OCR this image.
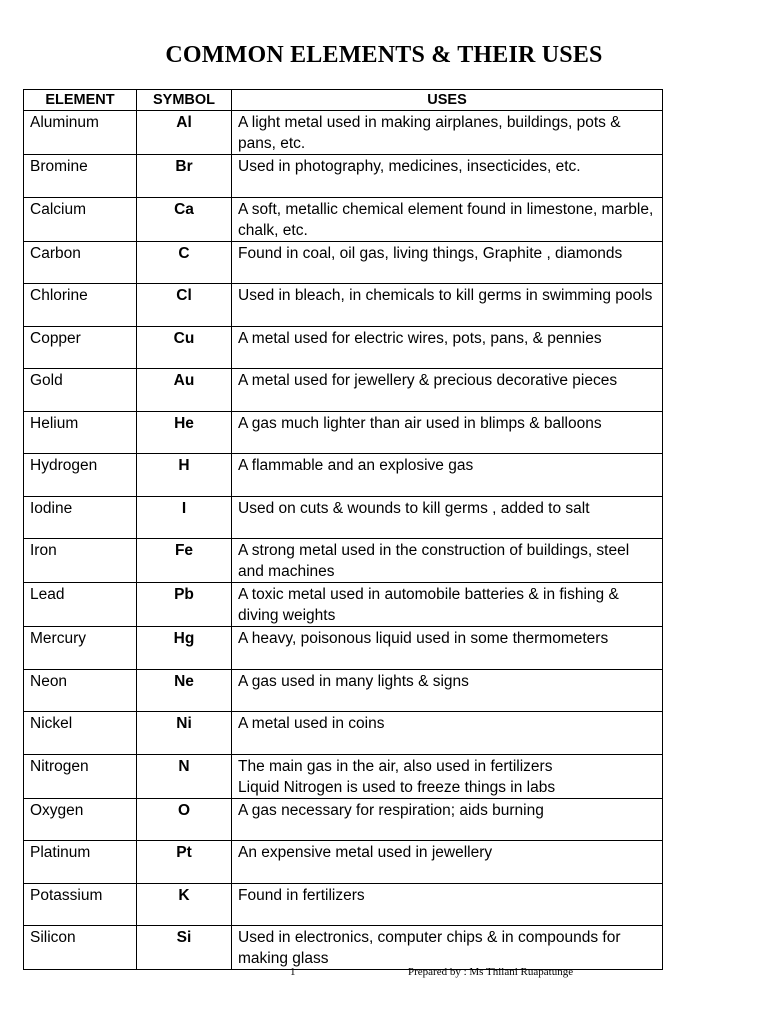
COMMON ELEMENTS & THEIR USES
ELEMENT	SYMBOL	USES
Aluminum	Al	A light metal used in making airplanes, buildings, pots & pans, etc.
Bromine	Br	Used in photography, medicines, insecticides, etc.
Calcium	Ca	A soft, metallic chemical element found in limestone, marble, chalk, etc.
Carbon	C	Found in coal, oil gas, living things, Graphite , diamonds
Chlorine	Cl	Used in bleach, in chemicals to kill germs in swimming pools
Copper	Cu	A metal used for electric wires, pots, pans, & pennies
Gold	Au	A metal used for jewellery & precious decorative pieces
Helium	He	A gas much lighter than air used in blimps & balloons
Hydrogen	H	A flammable and an explosive gas
Iodine	I	Used on cuts & wounds to kill germs , added to salt
Iron	Fe	A strong metal used in the construction of buildings, steel and machines
Lead	Pb	A toxic metal used in automobile batteries & in fishing & diving weights
Mercury	Hg	A heavy, poisonous liquid used in some thermometers
Neon	Ne	A gas used in many lights & signs
Nickel	Ni	A metal used in coins
Nitrogen	N	The main gas in the air, also used in fertilizers
Liquid Nitrogen is used to freeze things in labs
Oxygen	O	A gas necessary for respiration; aids burning
Platinum	Pt	An expensive metal used in jewellery
Potassium	K	Found in fertilizers
Silicon	Si	Used in electronics, computer chips & in compounds for making glass
1	Prepared by : Ms Thilani Ruapatunge
